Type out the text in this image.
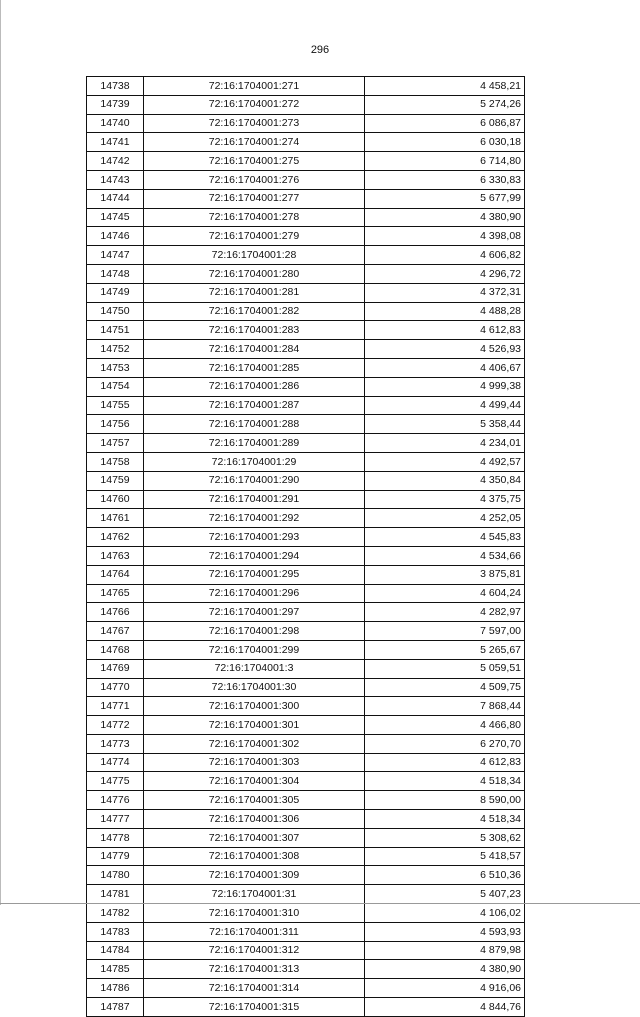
296
14738	72:16:1704001:271	4 458,21
14739	72:16:1704001:272	5 274,26
14740	72:16:1704001:273	6 086,87
14741	72:16:1704001:274	6 030,18
14742	72:16:1704001:275	6 714,80
14743	72:16:1704001:276	6 330,83
14744	72:16:1704001:277	5 677,99
14745	72:16:1704001:278	4 380,90
14746	72:16:1704001:279	4 398,08
14747	72:16:1704001:28	4 606,82
14748	72:16:1704001:280	4 296,72
14749	72:16:1704001:281	4 372,31
14750	72:16:1704001:282	4 488,28
14751	72:16:1704001:283	4 612,83
14752	72:16:1704001:284	4 526,93
14753	72:16:1704001:285	4 406,67
14754	72:16:1704001:286	4 999,38
14755	72:16:1704001:287	4 499,44
14756	72:16:1704001:288	5 358,44
14757	72:16:1704001:289	4 234,01
14758	72:16:1704001:29	4 492,57
14759	72:16:1704001:290	4 350,84
14760	72:16:1704001:291	4 375,75
14761	72:16:1704001:292	4 252,05
14762	72:16:1704001:293	4 545,83
14763	72:16:1704001:294	4 534,66
14764	72:16:1704001:295	3 875,81
14765	72:16:1704001:296	4 604,24
14766	72:16:1704001:297	4 282,97
14767	72:16:1704001:298	7 597,00
14768	72:16:1704001:299	5 265,67
14769	72:16:1704001:3	5 059,51
14770	72:16:1704001:30	4 509,75
14771	72:16:1704001:300	7 868,44
14772	72:16:1704001:301	4 466,80
14773	72:16:1704001:302	6 270,70
14774	72:16:1704001:303	4 612,83
14775	72:16:1704001:304	4 518,34
14776	72:16:1704001:305	8 590,00
14777	72:16:1704001:306	4 518,34
14778	72:16:1704001:307	5 308,62
14779	72:16:1704001:308	5 418,57
14780	72:16:1704001:309	6 510,36
14781	72:16:1704001:31	5 407,23
14782	72:16:1704001:310	4 106,02
14783	72:16:1704001:311	4 593,93
14784	72:16:1704001:312	4 879,98
14785	72:16:1704001:313	4 380,90
14786	72:16:1704001:314	4 916,06
14787	72:16:1704001:315	4 844,76
